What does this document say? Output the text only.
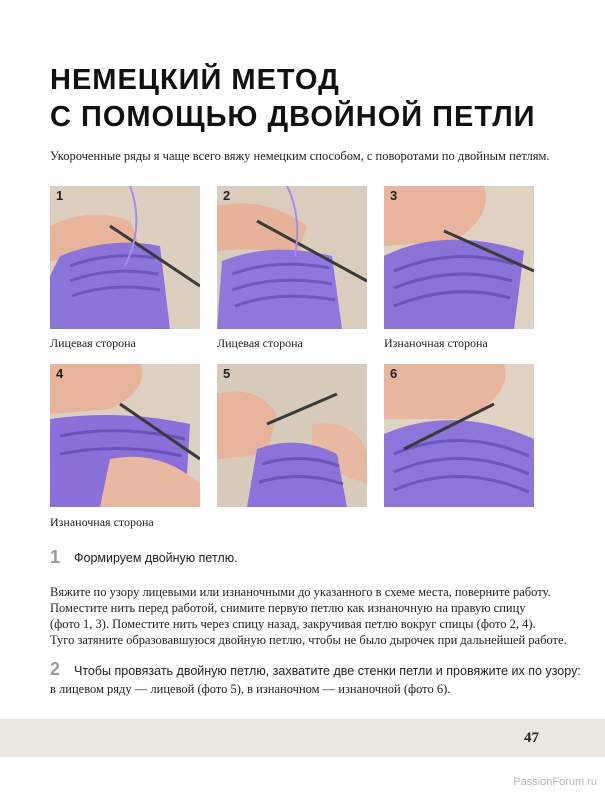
НЕМЕЦКИЙ МЕТОД
С ПОМОЩЬЮ ДВОЙНОЙ ПЕТЛИ
Укороченные ряды я чаще всего вяжу немецким способом, с поворотами по двойным петлям.
1
Лицевая сторона
2
Лицевая сторона
3
Изнаночная сторона
4
Изнаночная сторона
5	6
1 Формируем двойную петлю.
Вяжите по узору лицевыми или изнаночными до указанного в схеме места, поверните работу.
Поместите нить перед работой, снимите первую петлю как изнаночную на правую спицу
(фото 1, 3). Поместите нить через спицу назад, закручивая петлю вокруг спицы (фото 2, 4).
Туго затяните образовавшуюся двойную петлю, чтобы не было дырочек при дальнейшей работе.
2 Чтобы провязать двойную петлю, захватите две стенки петли и провяжите их по узору:
в лицевом ряду — лицевой (фото 5), в изнаночном — изнаночной (фото 6).
47
PassionForum.ru
